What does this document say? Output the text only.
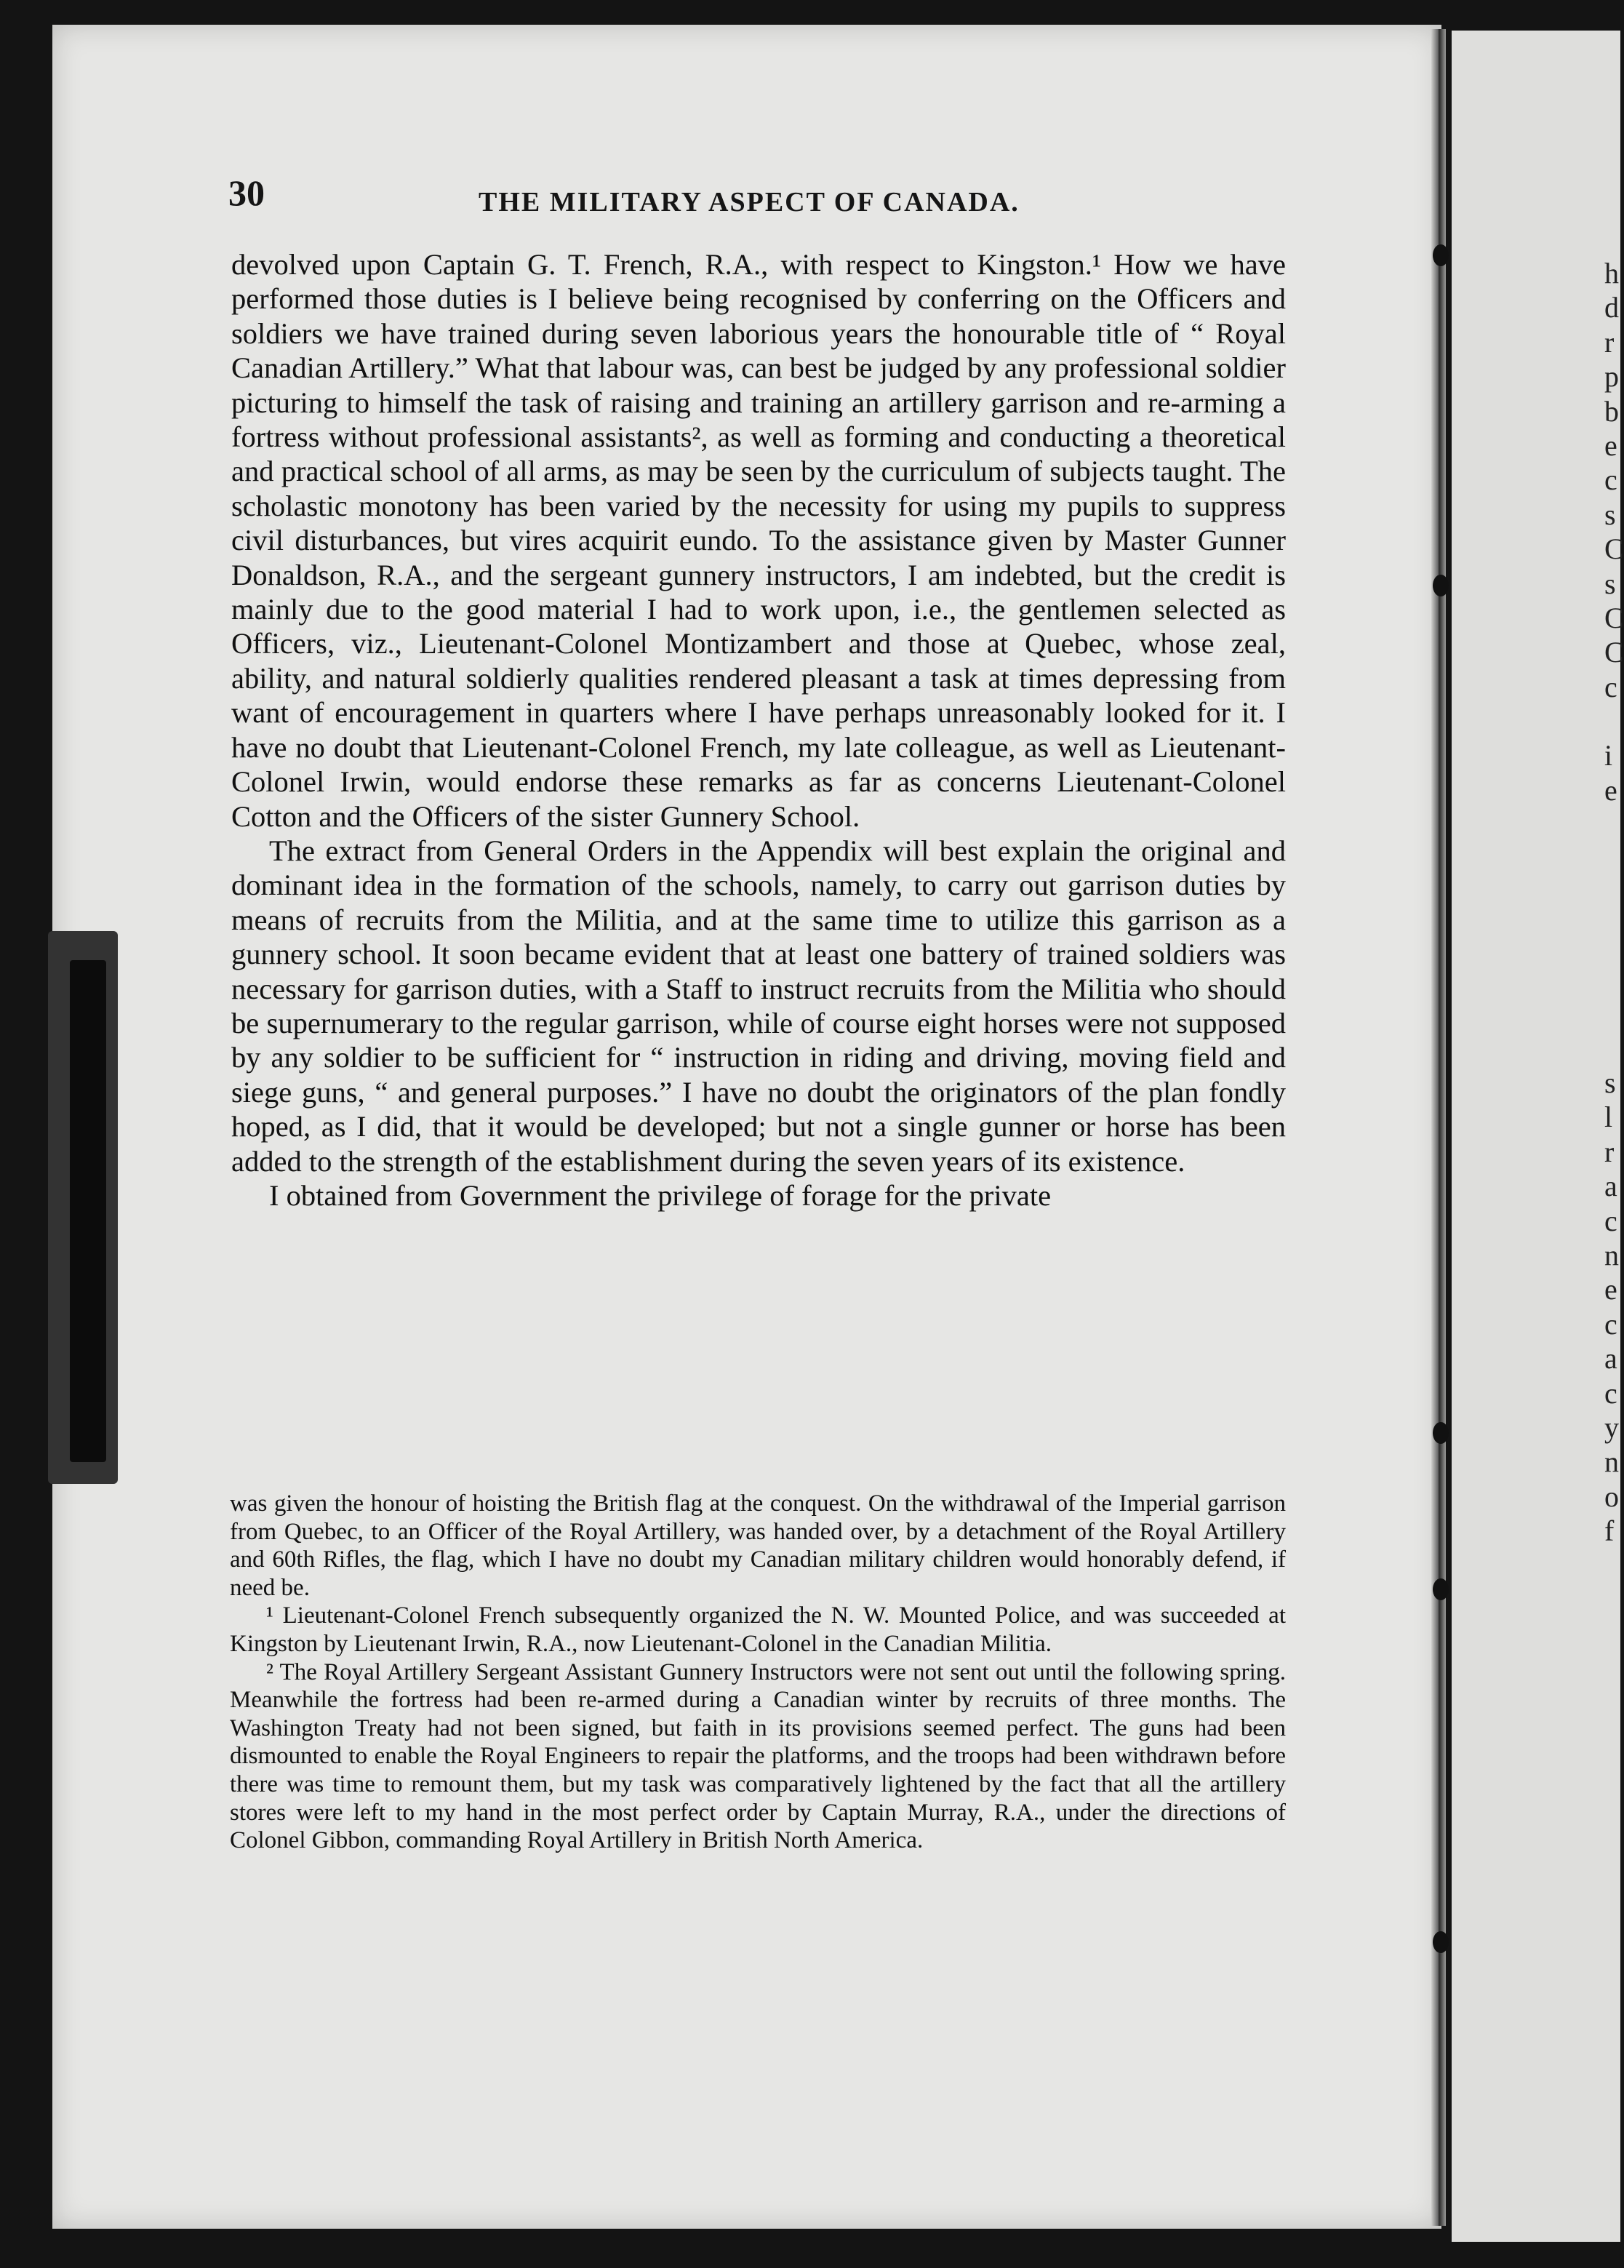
30	THE MILITARY ASPECT OF CANADA.

devolved upon Captain G. T. French, R.A., with respect to Kingston.¹ How we have performed those duties is I believe being recognised by conferring on the Officers and soldiers we have trained during seven laborious years the honourable title of “ Royal Canadian Artillery.” What that labour was, can best be judged by any professional soldier picturing to himself the task of raising and training an artillery garrison and re-arming a fortress without professional assistants², as well as forming and conducting a theoretical and practical school of all arms, as may be seen by the curriculum of subjects taught. The scholastic monotony has been varied by the necessity for using my pupils to suppress civil disturbances, but vires acquirit eundo. To the assistance given by Master Gunner Donaldson, R.A., and the sergeant gunnery instructors, I am indebted, but the credit is mainly due to the good material I had to work upon, i.e., the gentlemen selected as Officers, viz., Lieutenant-Colonel Montizambert and those at Quebec, whose zeal, ability, and natural soldierly qualities rendered pleasant a task at times depressing from want of encouragement in quarters where I have perhaps unreasonably looked for it. I have no doubt that Lieutenant-Colonel French, my late colleague, as well as Lieutenant-Colonel Irwin, would endorse these remarks as far as concerns Lieutenant-Colonel Cotton and the Officers of the sister Gunnery School.

The extract from General Orders in the Appendix will best explain the original and dominant idea in the formation of the schools, namely, to carry out garrison duties by means of recruits from the Militia, and at the same time to utilize this garrison as a gunnery school. It soon became evident that at least one battery of trained soldiers was necessary for garrison duties, with a Staff to instruct recruits from the Militia who should be supernumerary to the regular garrison, while of course eight horses were not supposed by any soldier to be sufficient for “ instruction in riding and driving, moving field and siege guns, “ and general purposes.” I have no doubt the originators of the plan fondly hoped, as I did, that it would be developed; but not a single gunner or horse has been added to the strength of the establishment during the seven years of its existence.

I obtained from Government the privilege of forage for the private

was given the honour of hoisting the British flag at the conquest. On the withdrawal of the Imperial garrison from Quebec, to an Officer of the Royal Artillery, was handed over, by a detachment of the Royal Artillery and 60th Rifles, the flag, which I have no doubt my Canadian military children would honorably defend, if need be.

¹ Lieutenant-Colonel French subsequently organized the N. W. Mounted Police, and was succeeded at Kingston by Lieutenant Irwin, R.A., now Lieutenant-Colonel in the Canadian Militia.

² The Royal Artillery Sergeant Assistant Gunnery Instructors were not sent out until the following spring. Meanwhile the fortress had been re-armed during a Canadian winter by recruits of three months. The Washington Treaty had not been signed, but faith in its provisions seemed perfect. The guns had been dismounted to enable the Royal Engineers to repair the platforms, and the troops had been withdrawn before there was time to remount them, but my task was comparatively lightened by the fact that all the artillery stores were left to my hand in the most perfect order by Captain Murray, R.A., under the directions of Colonel Gibbon, commanding Royal Artillery in British North America.

h
d
r
p
b
e
c
s
C
s
C
C
c
i
e
s
l
r
a
c
n
e
c
a
c
y
n
o
f
